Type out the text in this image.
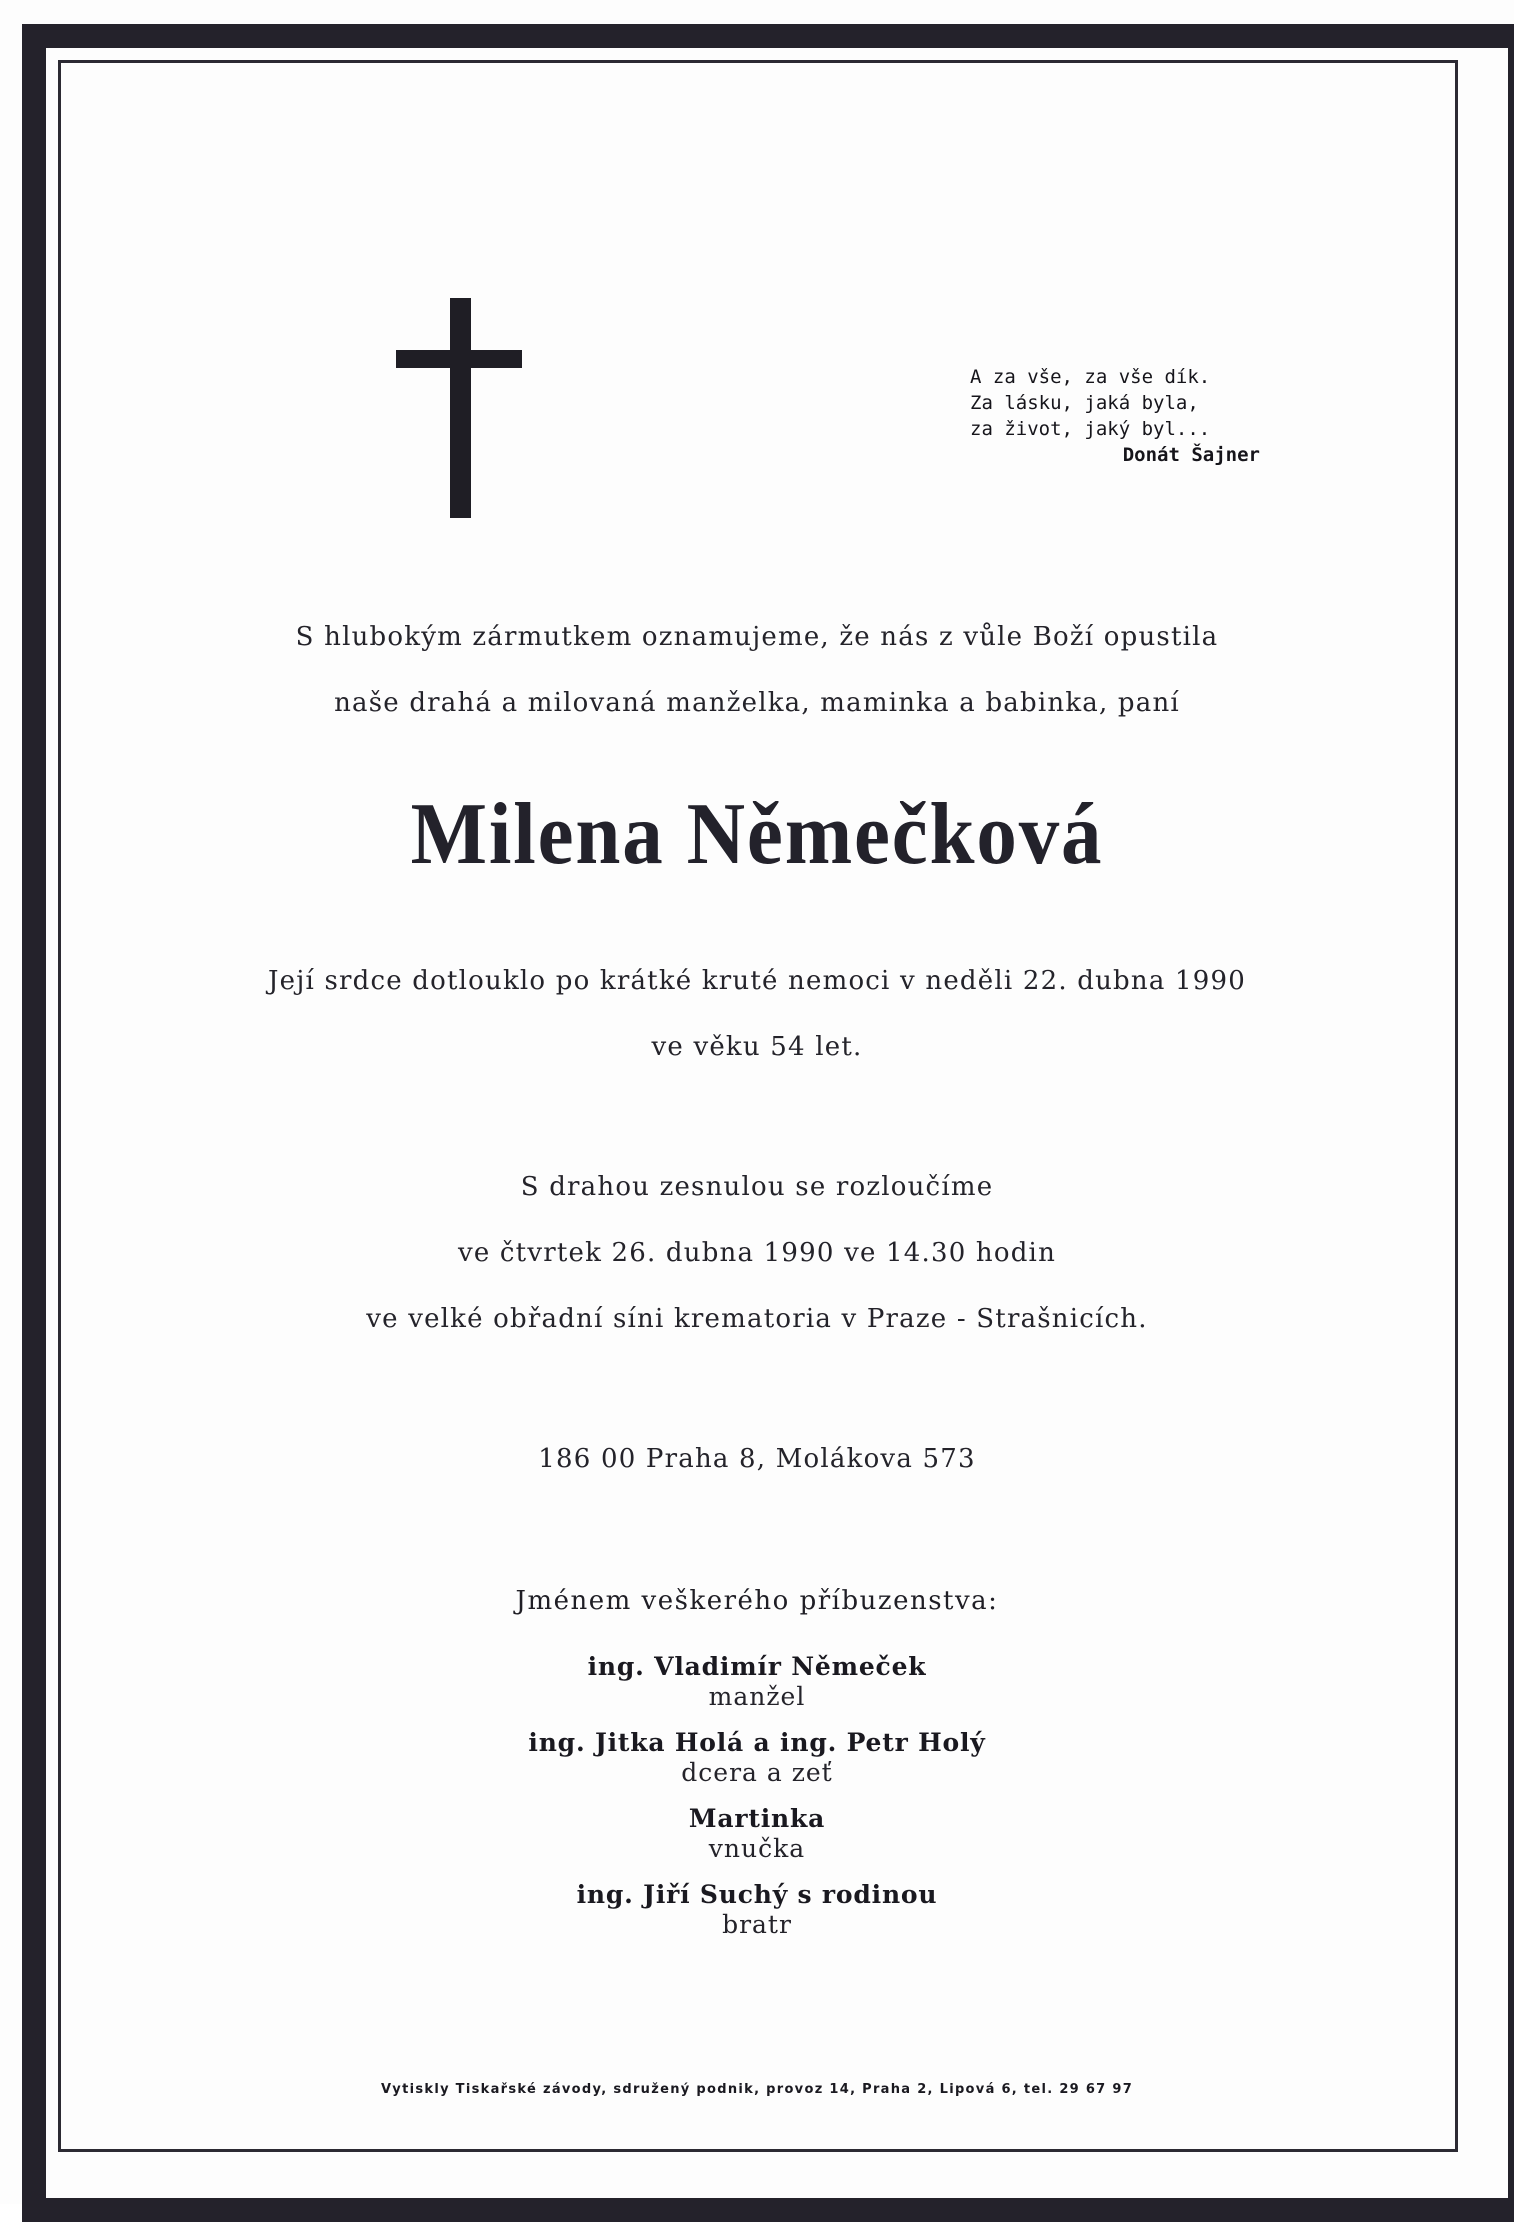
A za vše, za vše dík.
Za lásku, jaká byla,
za život, jaký byl...
Donát Šajner
S hlubokým zármutkem oznamujeme, že nás z vůle Boží opustila
naše drahá a milovaná manželka, maminka a babinka, paní
Milena Němečková
Její srdce dotlouklo po krátké kruté nemoci v neděli 22. dubna 1990
ve věku 54 let.
S drahou zesnulou se rozloučíme
ve čtvrtek 26. dubna 1990 ve 14.30 hodin
ve velké obřadní síni krematoria v Praze - Strašnicích.
186 00 Praha 8, Molákova 573
Jménem veškerého příbuzenstva:
ing. Vladimír Němeček
manžel
ing. Jitka Holá a ing. Petr Holý
dcera a zeť
Martinka
vnučka
ing. Jiří Suchý s rodinou
bratr
Vytiskly Tiskařské závody, sdružený podnik, provoz 14, Praha 2, Lipová 6, tel. 29 67 97
